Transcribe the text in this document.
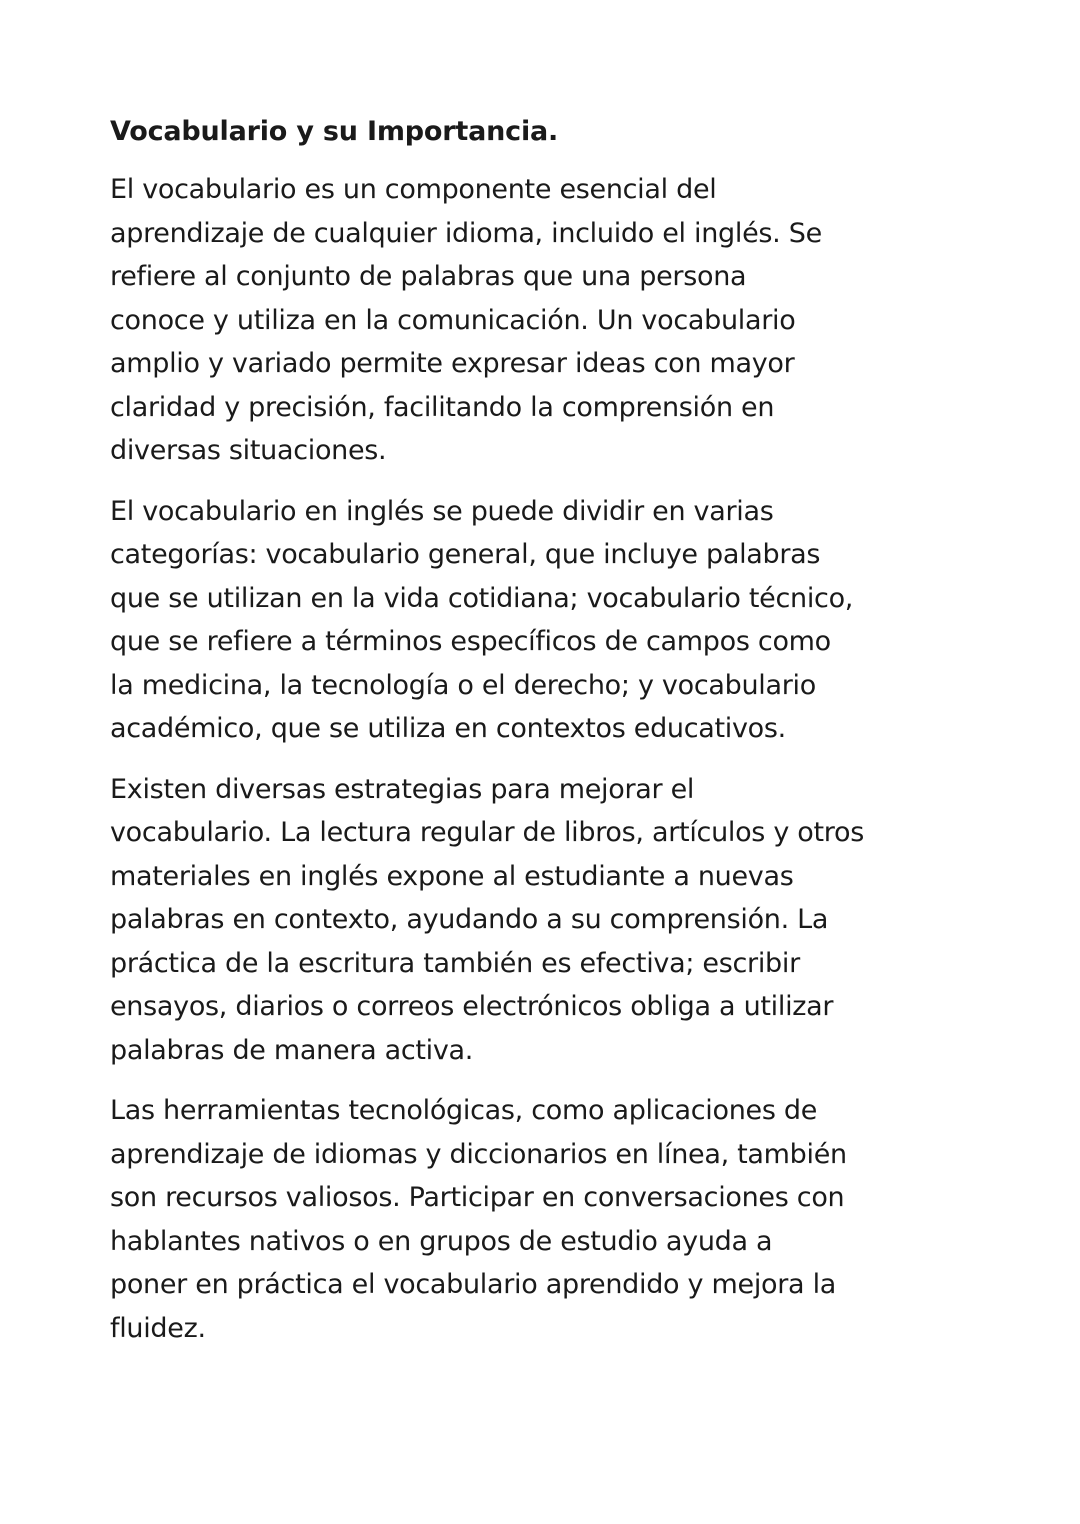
Vocabulario y su Importancia.

El vocabulario es un componente esencial del
aprendizaje de cualquier idioma, incluido el inglés. Se
refiere al conjunto de palabras que una persona
conoce y utiliza en la comunicación. Un vocabulario
amplio y variado permite expresar ideas con mayor
claridad y precisión, facilitando la comprensión en
diversas situaciones.

El vocabulario en inglés se puede dividir en varias
categorías: vocabulario general, que incluye palabras
que se utilizan en la vida cotidiana; vocabulario técnico,
que se refiere a términos específicos de campos como
la medicina, la tecnología o el derecho; y vocabulario
académico, que se utiliza en contextos educativos.

Existen diversas estrategias para mejorar el
vocabulario. La lectura regular de libros, artículos y otros
materiales en inglés expone al estudiante a nuevas
palabras en contexto, ayudando a su comprensión. La
práctica de la escritura también es efectiva; escribir
ensayos, diarios o correos electrónicos obliga a utilizar
palabras de manera activa.

Las herramientas tecnológicas, como aplicaciones de
aprendizaje de idiomas y diccionarios en línea, también
son recursos valiosos. Participar en conversaciones con
hablantes nativos o en grupos de estudio ayuda a
poner en práctica el vocabulario aprendido y mejora la
fluidez.
